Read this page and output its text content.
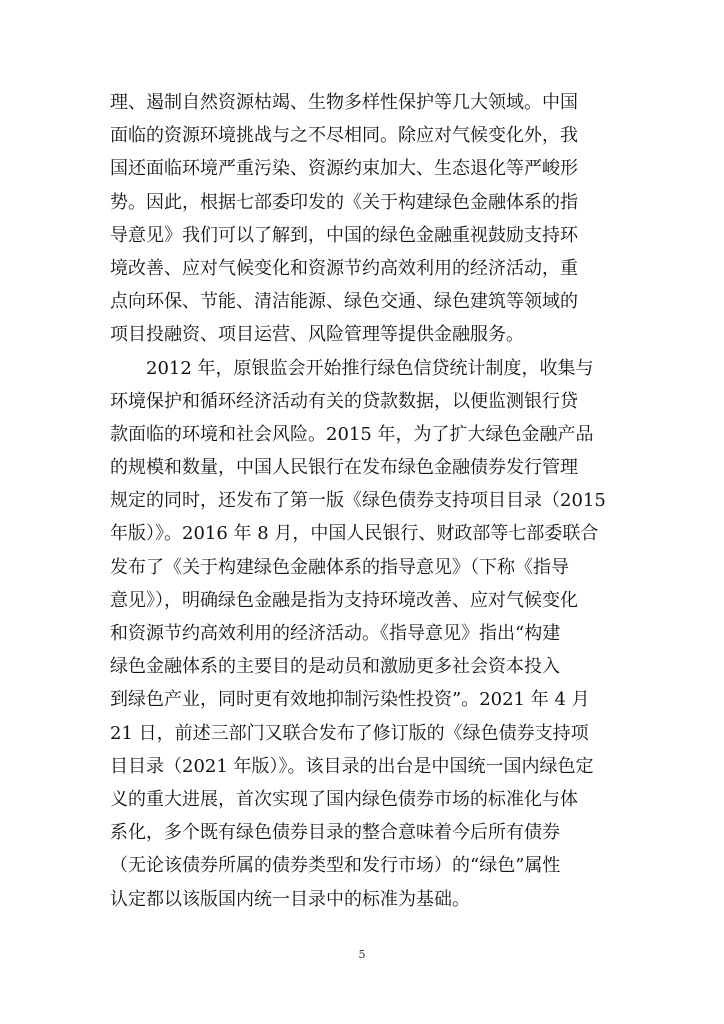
理、遏制自然资源枯竭、生物多样性保护等几大领域。中国
面临的资源环境挑战与之不尽相同。除应对气候变化外，我
国还面临环境严重污染、资源约束加大、生态退化等严峻形
势。因此，根据七部委印发的《关于构建绿色金融体系的指
导意见》我们可以了解到，中国的绿色金融重视鼓励支持环
境改善、应对气候变化和资源节约高效利用的经济活动，重
点向环保、节能、清洁能源、绿色交通、绿色建筑等领域的
项目投融资、项目运营、风险管理等提供金融服务。
2012 年，原银监会开始推行绿色信贷统计制度，收集与
环境保护和循环经济活动有关的贷款数据，以便监测银行贷
款面临的环境和社会风险。2015 年，为了扩大绿色金融产品
的规模和数量，中国人民银行在发布绿色金融债券发行管理
规定的同时，还发布了第一版《绿色债券支持项目目录（2015
年版）》。2016 年 8 月，中国人民银行、财政部等七部委联合
发布了《关于构建绿色金融体系的指导意见》（下称《指导
意见》），明确绿色金融是指为支持环境改善、应对气候变化
和资源节约高效利用的经济活动。《指导意见》指出“构建
绿色金融体系的主要目的是动员和激励更多社会资本投入
到绿色产业，同时更有效地抑制污染性投资”。2021 年 4 月
21 日，前述三部门又联合发布了修订版的《绿色债券支持项
目目录（2021 年版）》。该目录的出台是中国统一国内绿色定
义的重大进展，首次实现了国内绿色债券市场的标准化与体
系化，多个既有绿色债券目录的整合意味着今后所有债券
（无论该债券所属的债券类型和发行市场）的“绿色”属性
认定都以该版国内统一目录中的标准为基础。
5
